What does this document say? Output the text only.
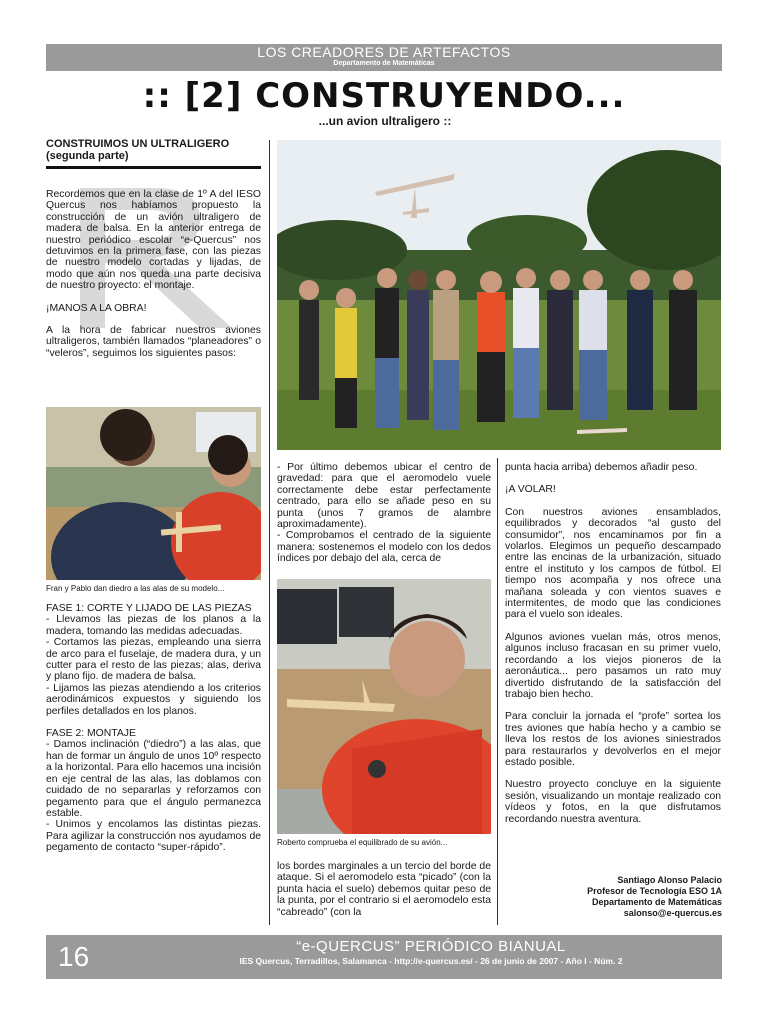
LOS CREADORES DE ARTEFACTOS
Departamento de Matemáticas
:: [2] CONSTRUYENDO...
...un avion ultraligero ::
CONSTRUIMOS UN ULTRALIGERO (segunda parte)

Recordemos que en la clase de 1º A del IESO Quercus nos habíamos propuesto la construcción de un avión ultraligero de madera de balsa. En la anterior entrega de nuestro periódico escolar “e-Quercus” nos detuvimos en la primera fase, con las piezas de nuestro modelo cortadas y lijadas, de modo que aún nos queda una parte decisiva de nuestro proyecto: el montaje.

¡MANOS A LA OBRA!

A la hora de fabricar nuestros aviones ultraligeros, también llamados “planeadores” o “veleros”, seguimos los siguientes pasos:

Fran y Pablo dan diedro a las alas de su modelo...

FASE 1: CORTE Y LIJADO DE LAS PIEZAS

- Llevamos las piezas de los planos a la madera, tomando las medidas adecuadas.

- Cortamos las piezas, empleando una sierra de arco para el fuselaje, de madera dura, y un cutter para el resto de las piezas; alas, deriva y plano fijo. de madera de balsa.

- Lijamos las piezas atendiendo a los criterios aerodinámicos expuestos y siguiendo los perfiles detallados en los planos.

FASE 2: MONTAJE

- Damos inclinación (“diedro”) a las alas, que han de formar un ángulo de unos 10º respecto a la horizontal. Para ello hacemos una incisión en eje central de las alas, las doblamos con cuidado de no separarlas y reforzamos con pegamento para que el ángulo permanezca estable.

- Unimos y encolamos las distintas piezas. Para agilizar la construcción nos ayudamos de pegamento de contacto “super-rápido”.

- Por último debemos ubicar el centro de gravedad: para que el aeromodelo vuele correctamente debe estar perfectamente centrado, para ello se añade peso en su punta (unos 7 gramos de alambre aproximadamente).

- Comprobamos el centrado de la siguiente manera: sostenemos el modelo con los dedos índices por debajo del ala, cerca de

Roberto comprueba el equilibrado de su avión...

los bordes marginales a un tercio del borde de ataque. Si el aeromodelo esta “picado” (con la punta hacia el suelo) debemos quitar peso de la punta, por el contrario si el aeromodelo esta “cabreado” (con la

punta hacia arriba) debemos añadir peso.

¡A VOLAR!

Con nuestros aviones ensamblados, equilibrados y decorados “al gusto del consumidor”, nos encaminamos por fin a volarlos. Elegimos un pequeño descampado entre las encinas de la urbanización, situado entre el instituto y los campos de fútbol. El tiempo nos acompaña y nos ofrece una mañana soleada y con vientos suaves e intermitentes, de modo que las condiciones para el vuelo son ideales.

Algunos aviones vuelan más, otros menos, algunos incluso fracasan en su primer vuelo, recordando a los viejos pioneros de la aeronáutica... pero pasamos un rato muy divertido disfrutando de la satisfacción del trabajo bien hecho.

Para concluir la jornada el “profe” sortea los tres aviones que había hecho y a cambio se lleva los restos de los aviones siniestrados para restaurarlos y devolverlos en el mejor estado posible.

Nuestro proyecto concluye en la siguiente sesión, visualizando un montaje realizado con vídeos y fotos, en la que disfrutamos recordando nuestra aventura.

Santiago Alonso Palacio
Profesor de Tecnología ESO 1A
Departamento de Matemáticas
salonso@e-quercus.es
16	“e-QUERCUS” PERIÓDICO BIANUAL
IES Quercus, Terradillos, Salamanca - http://e-quercus.es/ - 26 de junio de 2007 - Año I - Núm. 2
